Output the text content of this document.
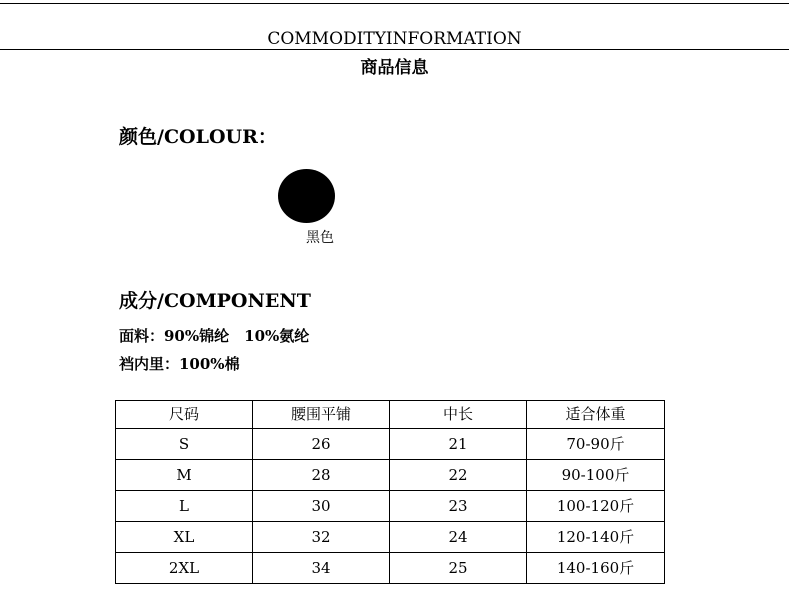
COMMODITYINFORMATION
商品信息
颜色/COLOUR：
黑色
成分/COMPONENT
面料：90%锦纶　10%氨纶
裆内里：100%棉
尺码	腰围平铺	中长	适合体重
S	26	21	70-90斤
M	28	22	90-100斤
L	30	23	100-120斤
XL	32	24	120-140斤
2XL	34	25	140-160斤
